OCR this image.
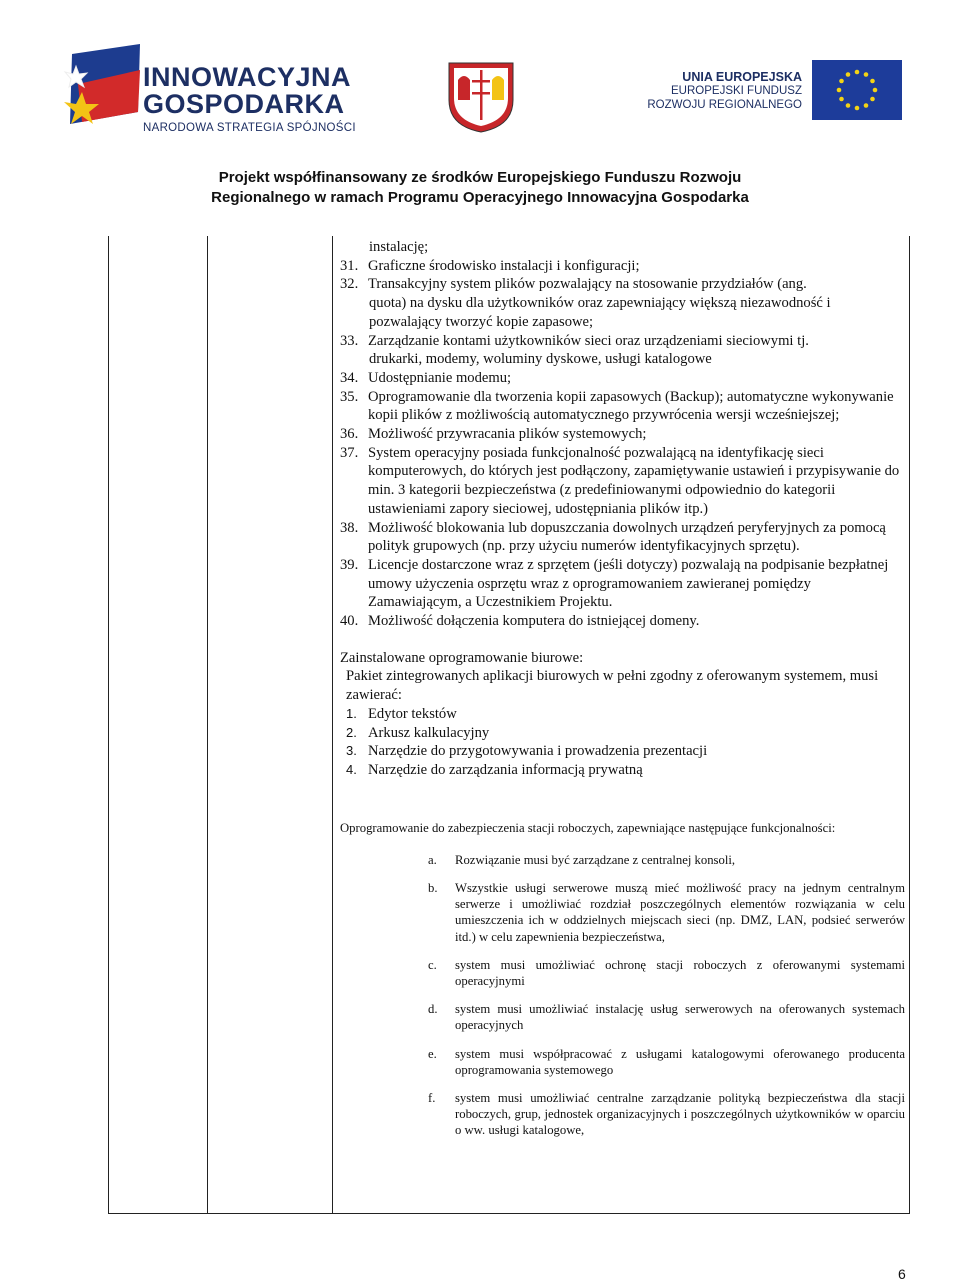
INNOWACYJNA
GOSPODARKA
NARODOWA STRATEGIA SPÓJNOŚCI
UNIA EUROPEJSKA
EUROPEJSKI FUNDUSZ
ROZWOJU REGIONALNEGO
Projekt współfinansowany ze środków Europejskiego Funduszu Rozwoju
Regionalnego w ramach Programu Operacyjnego Innowacyjna Gospodarka
instalację;
31. Graficzne środowisko instalacji i konfiguracji;
32. Transakcyjny system plików pozwalający na stosowanie przydziałów (ang.
quota) na dysku dla użytkowników oraz zapewniający większą niezawodność i pozwalający tworzyć kopie zapasowe;
33. Zarządzanie kontami użytkowników sieci oraz urządzeniami sieciowymi tj.
drukarki, modemy, woluminy dyskowe, usługi katalogowe
34. Udostępnianie modemu;
35. Oprogramowanie dla tworzenia kopii zapasowych (Backup); automatyczne wykonywanie kopii plików z możliwością automatycznego przywrócenia wersji wcześniejszej;
36. Możliwość przywracania plików systemowych;
37. System operacyjny posiada funkcjonalność pozwalającą na identyfikację sieci komputerowych, do których jest podłączony, zapamiętywanie ustawień i przypisywanie do min. 3 kategorii bezpieczeństwa (z predefiniowanymi odpowiednio do kategorii ustawieniami zapory sieciowej, udostępniania plików itp.)
38. Możliwość blokowania lub dopuszczania dowolnych urządzeń peryferyjnych za pomocą polityk grupowych (np. przy użyciu numerów identyfikacyjnych sprzętu).
39. Licencje dostarczone wraz z sprzętem (jeśli dotyczy) pozwalają na podpisanie bezpłatnej umowy użyczenia osprzętu wraz z oprogramowaniem zawieranej pomiędzy Zamawiającym, a Uczestnikiem Projektu.
40. Możliwość dołączenia komputera do istniejącej domeny.
Zainstalowane oprogramowanie biurowe:
Pakiet zintegrowanych aplikacji biurowych w pełni zgodny z oferowanym systemem, musi zawierać:
1. Edytor tekstów
2. Arkusz kalkulacyjny
3. Narzędzie do przygotowywania i prowadzenia prezentacji
4. Narzędzie do zarządzania informacją prywatną
Oprogramowanie do zabezpieczenia stacji roboczych, zapewniające następujące funkcjonalności:
a.	Rozwiązanie musi być zarządzane z centralnej konsoli,
b.	Wszystkie usługi serwerowe muszą mieć możliwość pracy na jednym centralnym serwerze i umożliwiać rozdział poszczególnych elementów rozwiązania w celu umieszczenia ich w oddzielnych miejscach sieci (np. DMZ, LAN, podsieć serwerów itd.) w celu zapewnienia bezpieczeństwa,
c.	system musi umożliwiać ochronę stacji roboczych z oferowanymi systemami operacyjnymi
d.	system musi umożliwiać instalację usług serwerowych na oferowanych systemach operacyjnych
e.	system musi współpracować z usługami katalogowymi oferowanego producenta oprogramowania systemowego
f.	system musi umożliwiać centralne zarządzanie polityką bezpieczeństwa dla stacji roboczych, grup, jednostek organizacyjnych i poszczególnych użytkowników w oparciu o ww. usługi katalogowe,
6
